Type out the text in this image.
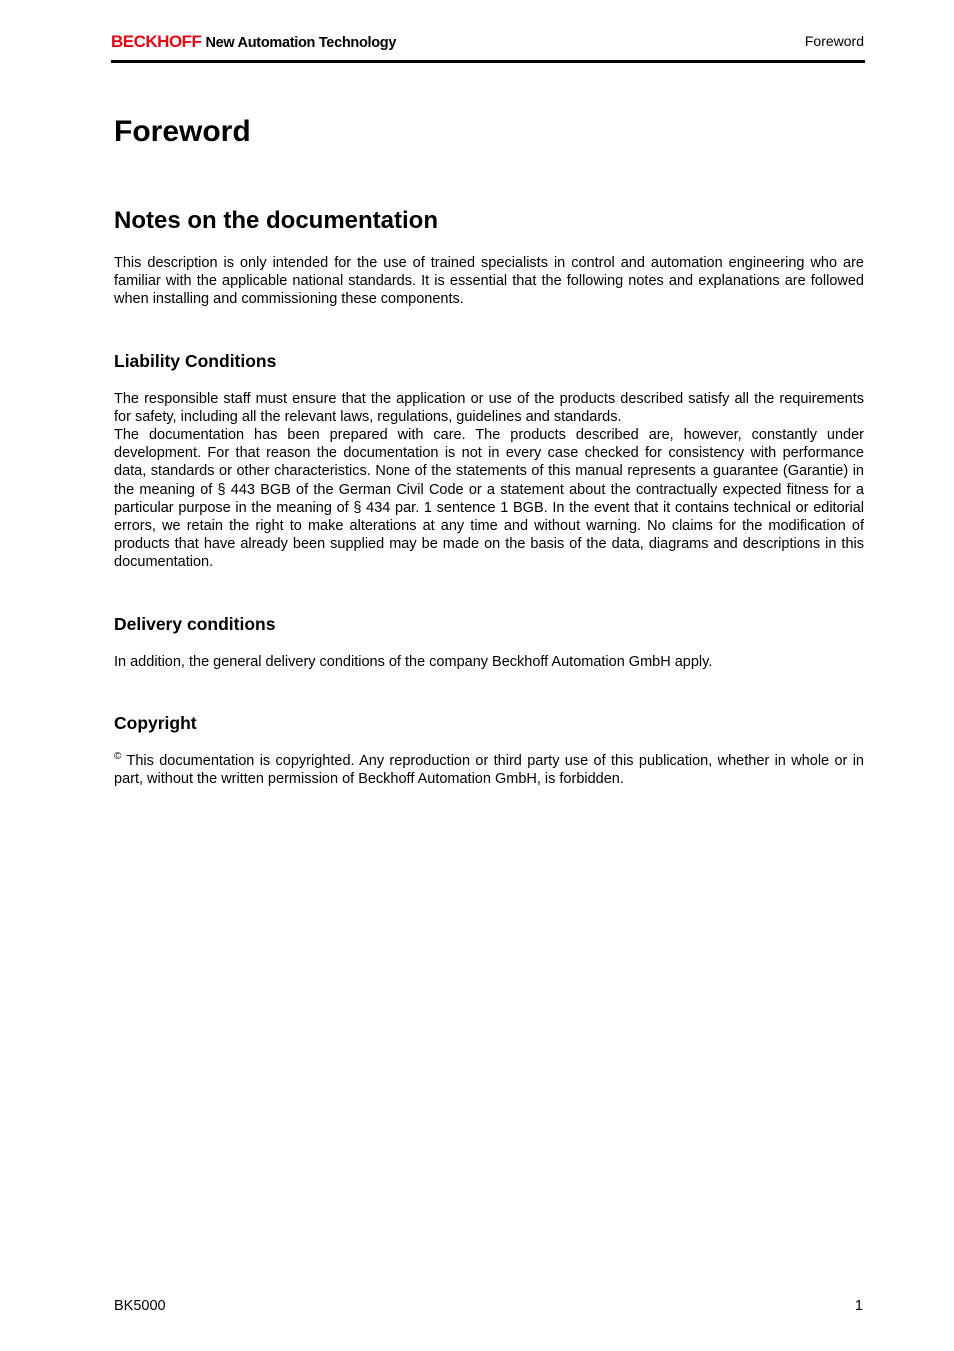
BECKHOFF New Automation Technology	Foreword
Foreword
Notes on the documentation

This description is only intended for the use of trained specialists in control and automation engineering who are familiar with the applicable national standards. It is essential that the following notes and explanations are followed when installing and commissioning these components.

Liability Conditions

The responsible staff must ensure that the application or use of the products described satisfy all the requirements for safety, including all the relevant laws, regulations, guidelines and standards.

The documentation has been prepared with care. The products described are, however, constantly under development. For that reason the documentation is not in every case checked for consistency with performance data, standards or other characteristics. None of the statements of this manual represents a guarantee (Garantie) in the meaning of § 443 BGB of the German Civil Code or a statement about the contractually expected fitness for a particular purpose in the meaning of § 434 par. 1 sentence 1 BGB. In the event that it contains technical or editorial errors, we retain the right to make alterations at any time and without warning. No claims for the modification of products that have already been supplied may be made on the basis of the data, diagrams and descriptions in this documentation.

Delivery conditions

In addition, the general delivery conditions of the company Beckhoff Automation GmbH apply.

Copyright

© This documentation is copyrighted. Any reproduction or third party use of this publication, whether in whole or in part, without the written permission of Beckhoff Automation GmbH, is forbidden.

BK5000	1
